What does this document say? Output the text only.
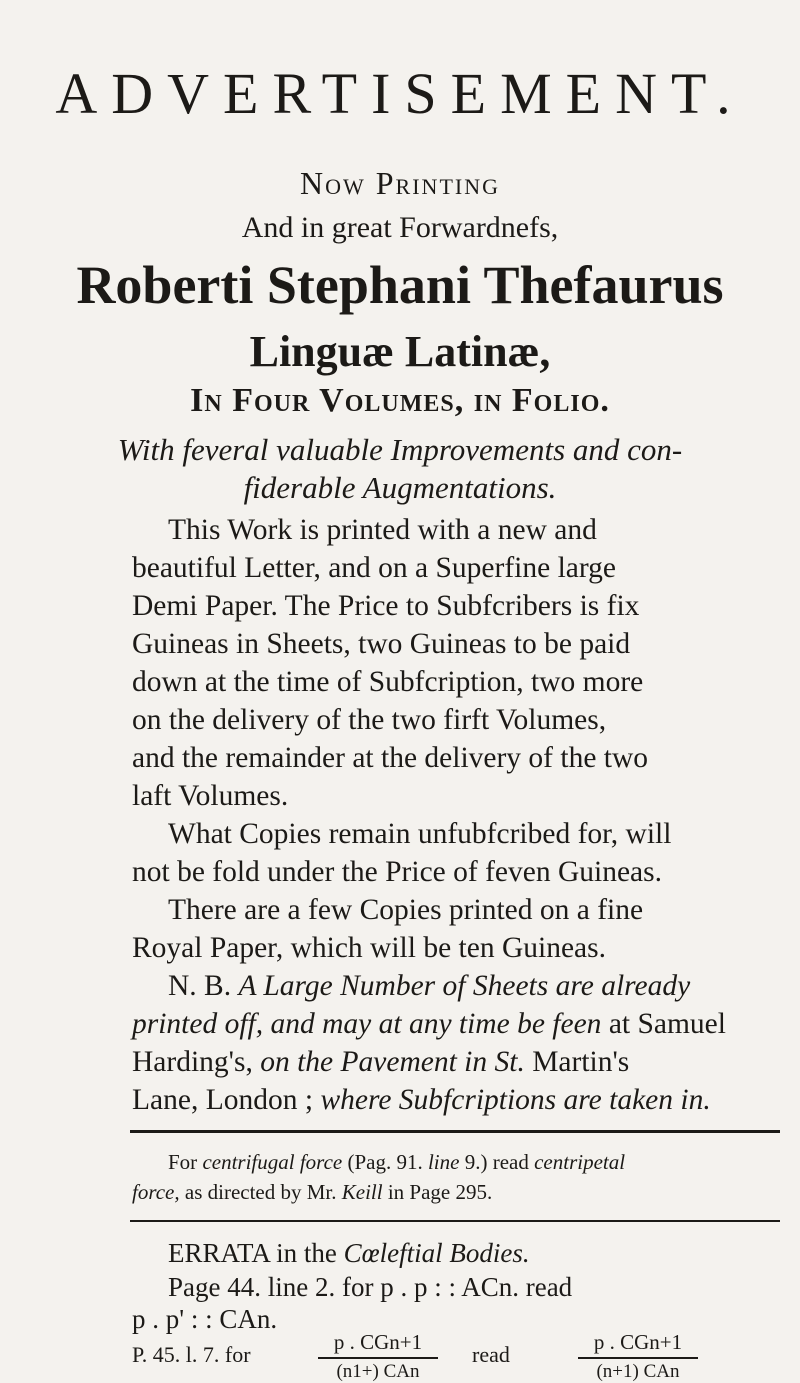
ADVERTISEMENT.
Now Printing
And in great Forwardnefs,
Roberti Stephani Thefaurus
Linguæ Latinæ,
In Four Volumes, in Folio.
With feveral valuable Improvements and con-
fiderable Augmentations.
This Work is printed with a new and
beautiful Letter, and on a Superfine large
Demi Paper. The Price to Subfcribers is fix
Guineas in Sheets, two Guineas to be paid
down at the time of Subfcription, two more
on the delivery of the two firft Volumes,
and the remainder at the delivery of the two
laft Volumes.
What Copies remain unfubfcribed for, will
not be fold under the Price of feven Guineas.
There are a few Copies printed on a fine
Royal Paper, which will be ten Guineas.
N. B. A Large Number of Sheets are already
printed off, and may at any time be feen at Samuel
Harding's, on the Pavement in St. Martin's
Lane, London ; where Subfcriptions are taken in.
For centrifugal force (Pag. 91. line 9.) read centripetal
force, as directed by Mr. Keill in Page 295.
ERRATA in the Cœleftial Bodies.
Page 44. line 2. for p . p : : ACn. read
p . p' : : CAn.
P. 45. l. 7. for	p . CGn+1
(n1+) CAn
read	p . CGn+1
(n+1) CAn
